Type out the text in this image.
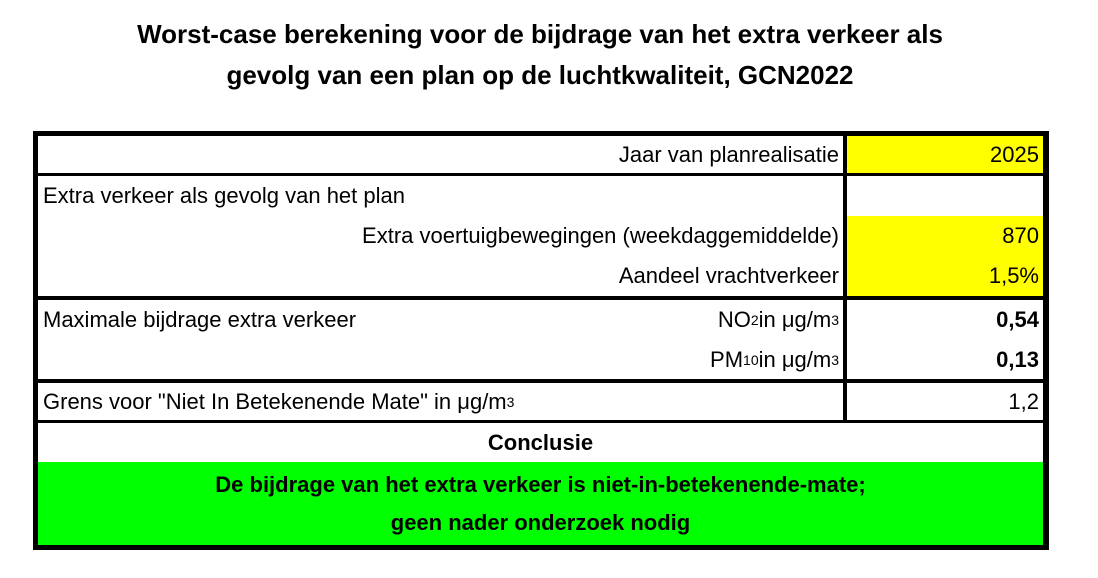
Worst-case berekening voor de bijdrage van het extra verkeer als
gevolg van een plan op de luchtkwaliteit, GCN2022
Jaar van planrealisatie	2025
Extra verkeer als gevolg van het plan
Extra voertuigbewegingen (weekdaggemiddelde)	870
Aandeel vrachtverkeer	1,5%
Maximale bijdrage extra verkeer	NO 2 in μg/m 3	0,54
PM 10 in μg/m 3	0,13
Grens voor "Niet In Betekenende Mate" in μg/m 3	1,2
Conclusie
De bijdrage van het extra verkeer is niet-in-betekenende-mate;
geen nader onderzoek nodig
